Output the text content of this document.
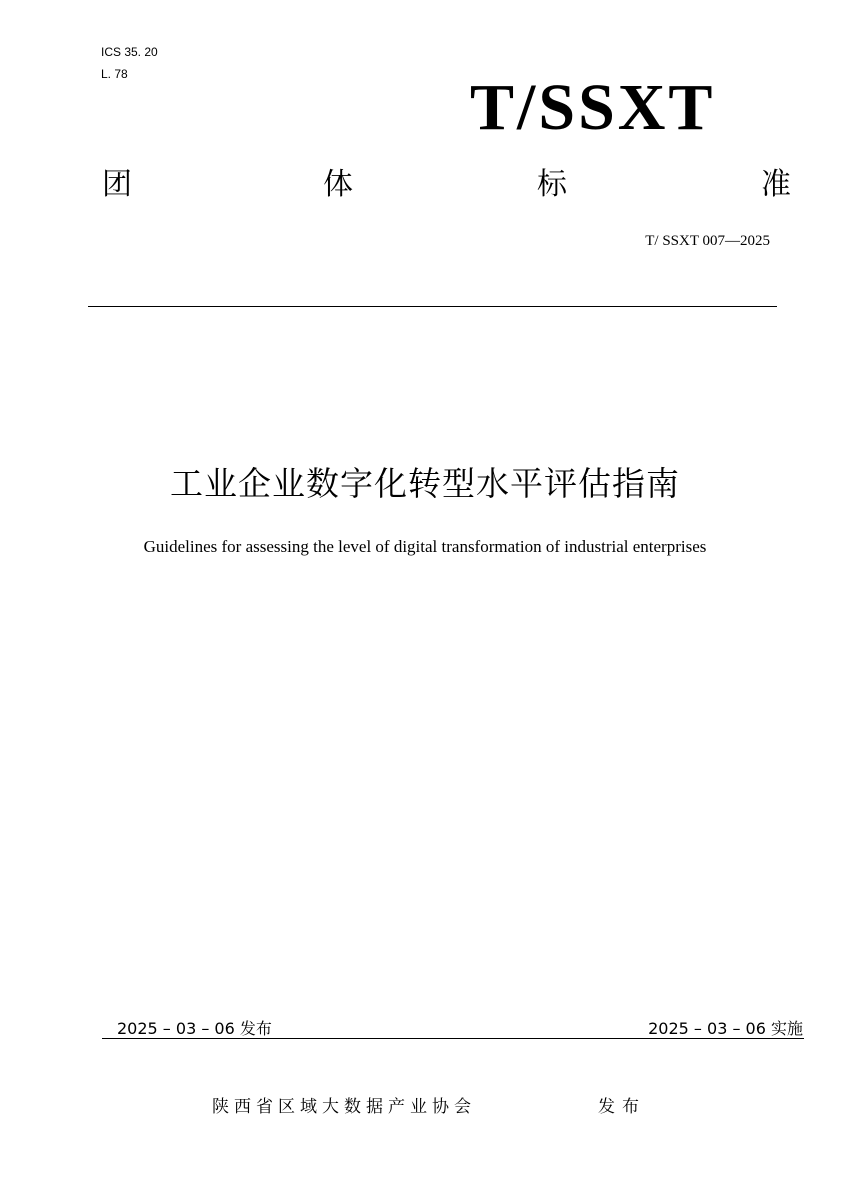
ICS 35. 20
L. 78	T/SSXT
团	体	标	准
T/ SSXT 007—2025
工业企业数字化转型水平评估指南
Guidelines for assessing the level of digital transformation of industrial enterprises
2025 – 03 – 06 发布	2025 – 03 – 06 实施
陕西省区域大数据产业协会	发布
